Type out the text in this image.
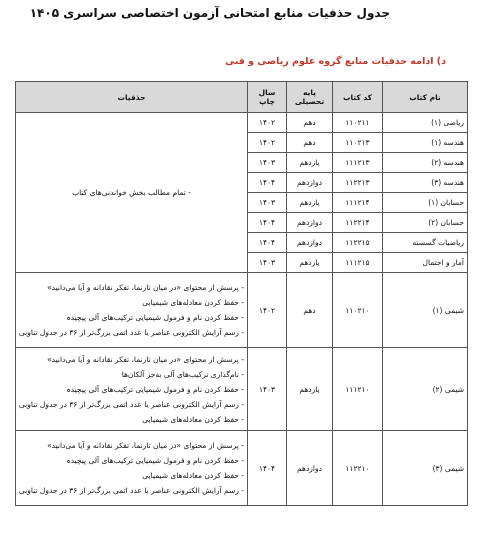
جدول حذفیات منابع امتحانی آزمون اختصاصی سراسری ۱۴۰۵
د) ادامه حذفیات منابع گروه علوم ریاضی و فنی
نام کتاب	کد کتاب	پایه تحصیلی	سال چاپ	حذفیات
ریاضی (۱)	۱۱۰۲۱۱	دهم	۱۴۰۲	- تمام مطالب بخش خواندنی‌های کتاب
هندسه (۱)	۱۱۰۲۱۳	دهم	۱۴۰۲	
هندسه (۲)	۱۱۱۲۱۳	یازدهم	۱۴۰۳	
هندسه (۳)	۱۱۲۲۱۳	دوازدهم	۱۴۰۴	
حسابان (۱)	۱۱۱۲۱۴	یازدهم	۱۴۰۳	
حسابان (۲)	۱۱۲۲۱۴	دوازدهم	۱۴۰۴	
ریاضیات گسسته	۱۱۲۲۱۵	دوازدهم	۱۴۰۴	
آمار و احتمال	۱۱۱۲۱۵	یازدهم	۱۴۰۳	
شیمی (۱)	۱۱۰۲۱۰	دهم	۱۴۰۲	- پرسش از محتوای «در میان تارنما، تفکر نقادانه و آیا می‌دانید»
- حفظ کردن معادله‌های شیمیایی
- حفظ کردن نام و فرمول شیمیایی ترکیب‌های آلی پیچیده
- رسم آرایش الکترونی عناصر با عدد اتمی بزرگ‌تر از ۳۶ در جدول تناوبی

شیمی (۲)	۱۱۱۲۱۰	یازدهم	۱۴۰۳	- پرسش از محتوای «در میان تارنما، تفکر نقادانه و آیا می‌دانید»
- نام‌گذاری ترکیب‌های آلی به‌جز آلکان‌ها
- حفظ کردن نام و فرمول شیمیایی ترکیب‌های آلی پیچیده
- رسم آرایش الکترونی عناصر با عدد اتمی بزرگ‌تر از ۳۶ در جدول تناوبی
- حفظ کردن معادله‌های شیمیایی

شیمی (۳)	۱۱۲۲۱۰	دوازدهم	۱۴۰۴	- پرسش از محتوای «در میان تارنما، تفکر نقادانه و آیا می‌دانید»
- حفظ کردن نام و فرمول شیمیایی ترکیب‌های آلی پیچیده
- حفظ کردن معادله‌های شیمیایی
- رسم آرایش الکترونی عناصر با عدد اتمی بزرگ‌تر از ۳۶ در جدول تناوبی
